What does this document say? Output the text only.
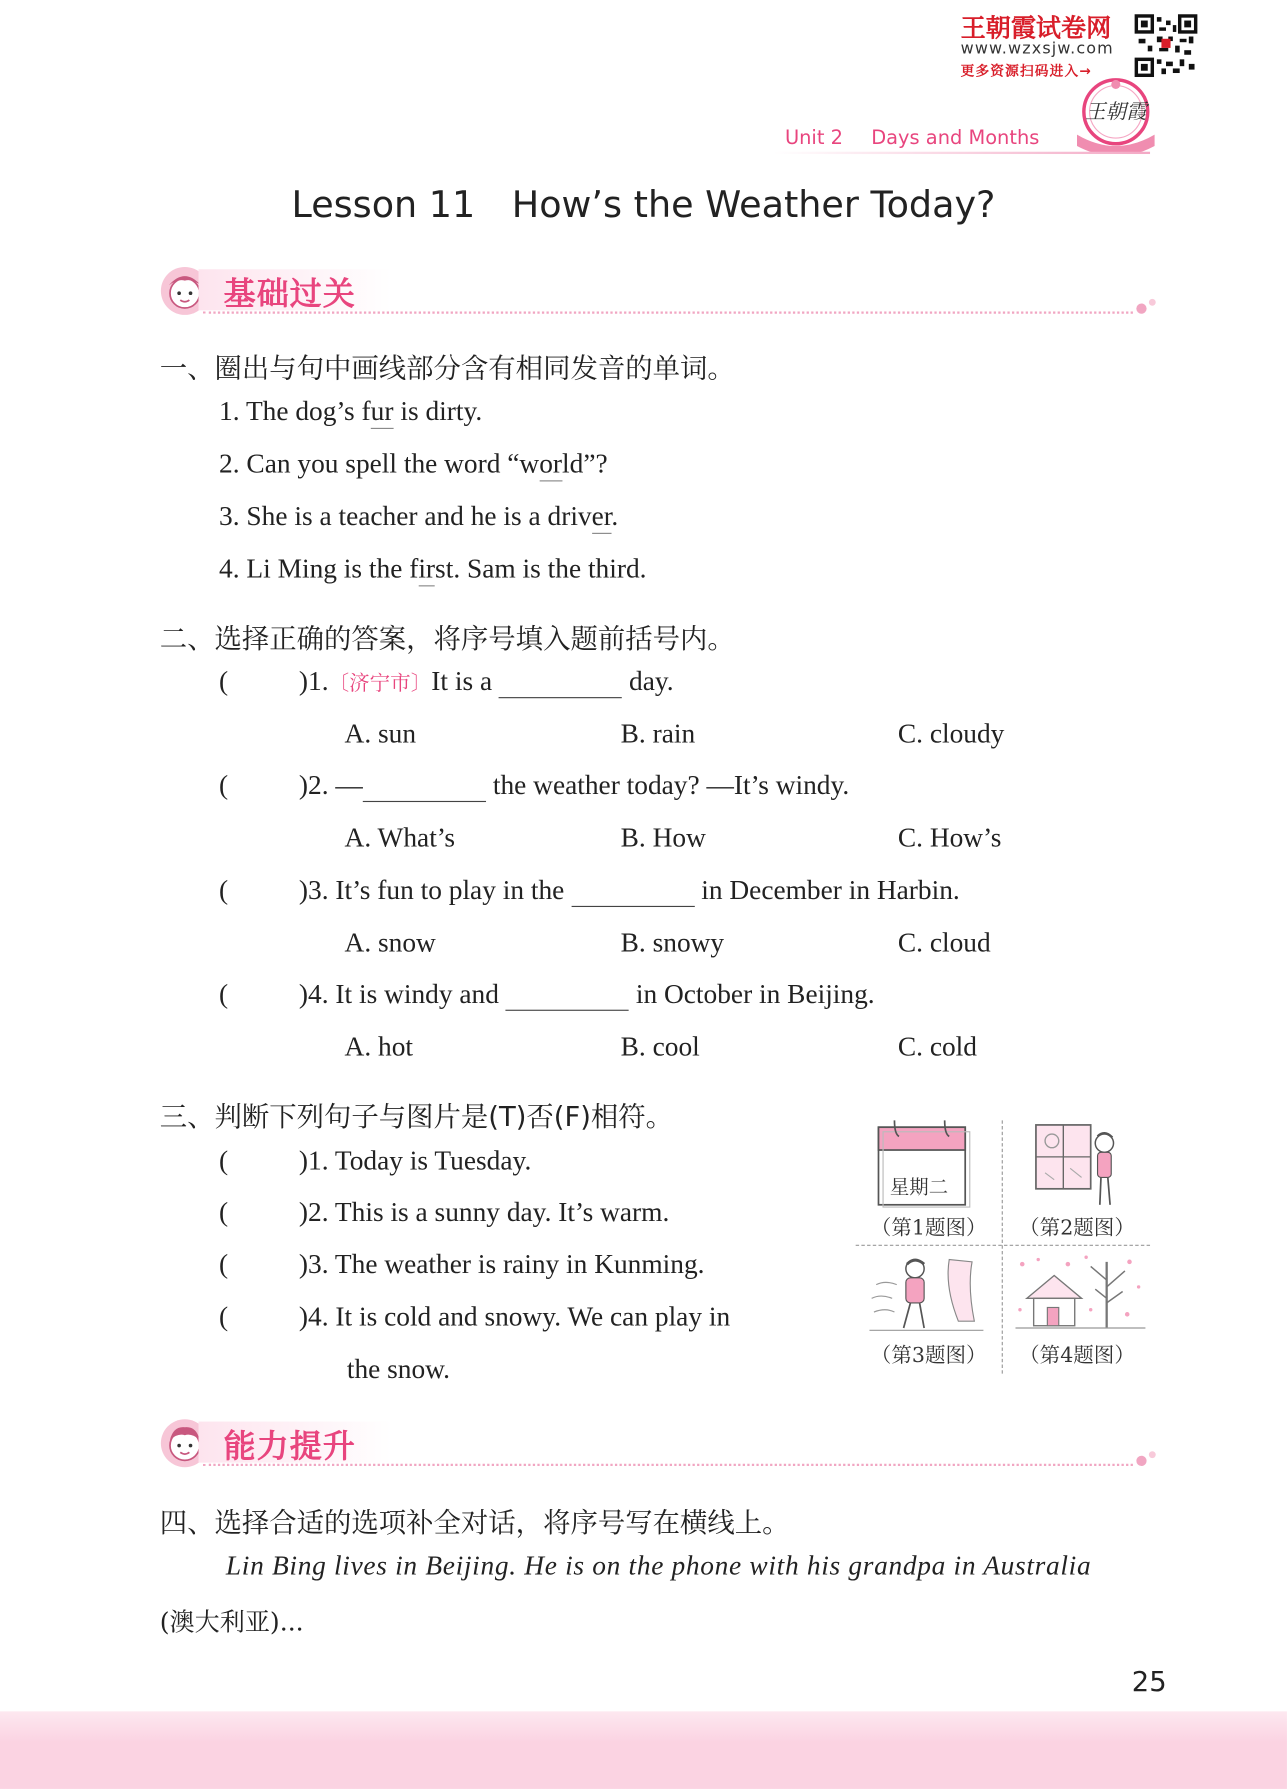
王朝霞试卷网
www.wzxsjw.com
更多资源扫码进入→
王朝霞
Unit 2 Days and Months
Lesson 11 How’s the Weather Today?
基础过关
一、圈出与句中画线部分含有相同发音的单词。
1. The dog’s fur is dirty.
2. Can you spell the word “world”?
3. She is a teacher and he is a driver.
4. Li Ming is the first. Sam is the third.
二、选择正确的答案，将序号填入题前括号内。
(	)1.〔济宁市〕It is a	day.
A. sun	B. rain	C. cloudy
(	)2. —	the weather today? —It’s windy.
A. What’s	B. How	C. How’s
(	)3. It’s fun to play in the	in December in Harbin.
A. snow	B. snowy	C. cloud
(	)4. It is windy and	in October in Beijing.
A. hot	B. cool	C. cold
三、判断下列句子与图片是(T)否(F)相符。
(	)1. Today is Tuesday.
(	)2. This is a sunny day. It’s warm.
(	)3. The weather is rainy in Kunming.
(	)4. It is cold and snowy. We can play in
the snow.
星期二
（第1题图）	（第2题图）
（第3题图）	（第4题图）
能力提升
四、选择合适的选项补全对话，将序号写在横线上。
Lin Bing lives in Beijing. He is on the phone with his grandpa in Australia
(澳大利亚)...
25
